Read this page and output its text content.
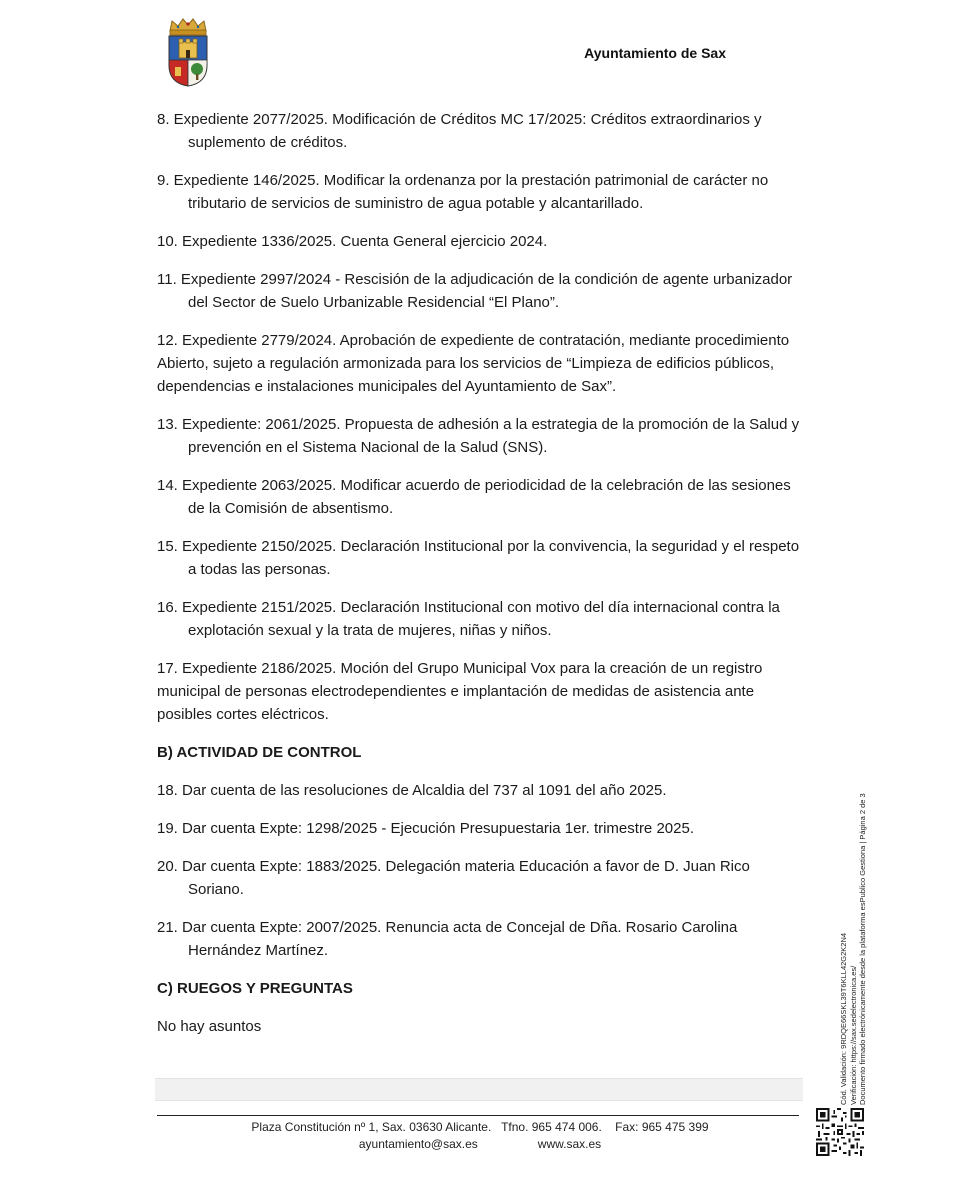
Ayuntamiento de Sax

8. Expediente 2077/2025. Modificación de Créditos MC 17/2025: Créditos extraordinarios y suplemento de créditos.

9. Expediente 146/2025. Modificar la ordenanza por la prestación patrimonial de carácter no tributario de servicios de suministro de agua potable y alcantarillado.

10. Expediente 1336/2025. Cuenta General ejercicio 2024.

11. Expediente 2997/2024 - Rescisión de la adjudicación de la condición de agente urbanizador del Sector de Suelo Urbanizable Residencial “El Plano”.

12. Expediente 2779/2024. Aprobación de expediente de contratación, mediante procedimiento Abierto, sujeto a regulación armonizada para los servicios de “Limpieza de edificios públicos, dependencias e instalaciones municipales del Ayuntamiento de Sax”.

13. Expediente: 2061/2025. Propuesta de adhesión a la estrategia de la promoción de la Salud y prevención en el Sistema Nacional de la Salud (SNS).

14. Expediente 2063/2025. Modificar acuerdo de periodicidad de la celebración de las sesiones de la Comisión de absentismo.

15. Expediente 2150/2025. Declaración Institucional por la convivencia, la seguridad y el respeto a todas las personas.

16. Expediente 2151/2025. Declaración Institucional con motivo del día internacional contra la explotación sexual y la trata de mujeres, niñas y niños.

17. Expediente 2186/2025. Moción del Grupo Municipal Vox para la creación de un registro municipal de personas electrodependientes e implantación de medidas de asistencia ante posibles cortes eléctricos.

B) ACTIVIDAD DE CONTROL

18. Dar cuenta de las resoluciones de Alcaldia del 737 al 1091 del año 2025.

19. Dar cuenta Expte: 1298/2025 - Ejecución Presupuestaria 1er. trimestre 2025.

20. Dar cuenta Expte: 1883/2025. Delegación materia Educación a favor de D. Juan Rico Soriano.

21. Dar cuenta Expte: 2007/2025. Renuncia acta de Concejal de Dña. Rosario Carolina Hernández Martínez.

C) RUEGOS Y PREGUNTAS

No hay asuntos

Plaza Constitución nº 1, Sax. 03630 Alicante.   Tfno. 965 474 006.    Fax: 965 475 399
ayuntamiento@sax.es                  www.sax.es
Cód. Validación: 9RDQE66SKL39T6KLL42G2K2N4 Verificación: https://sax.sedelectronica.es/ Documento firmado electrónicamente desde la plataforma esPublico Gestiona | Página 2 de 3
